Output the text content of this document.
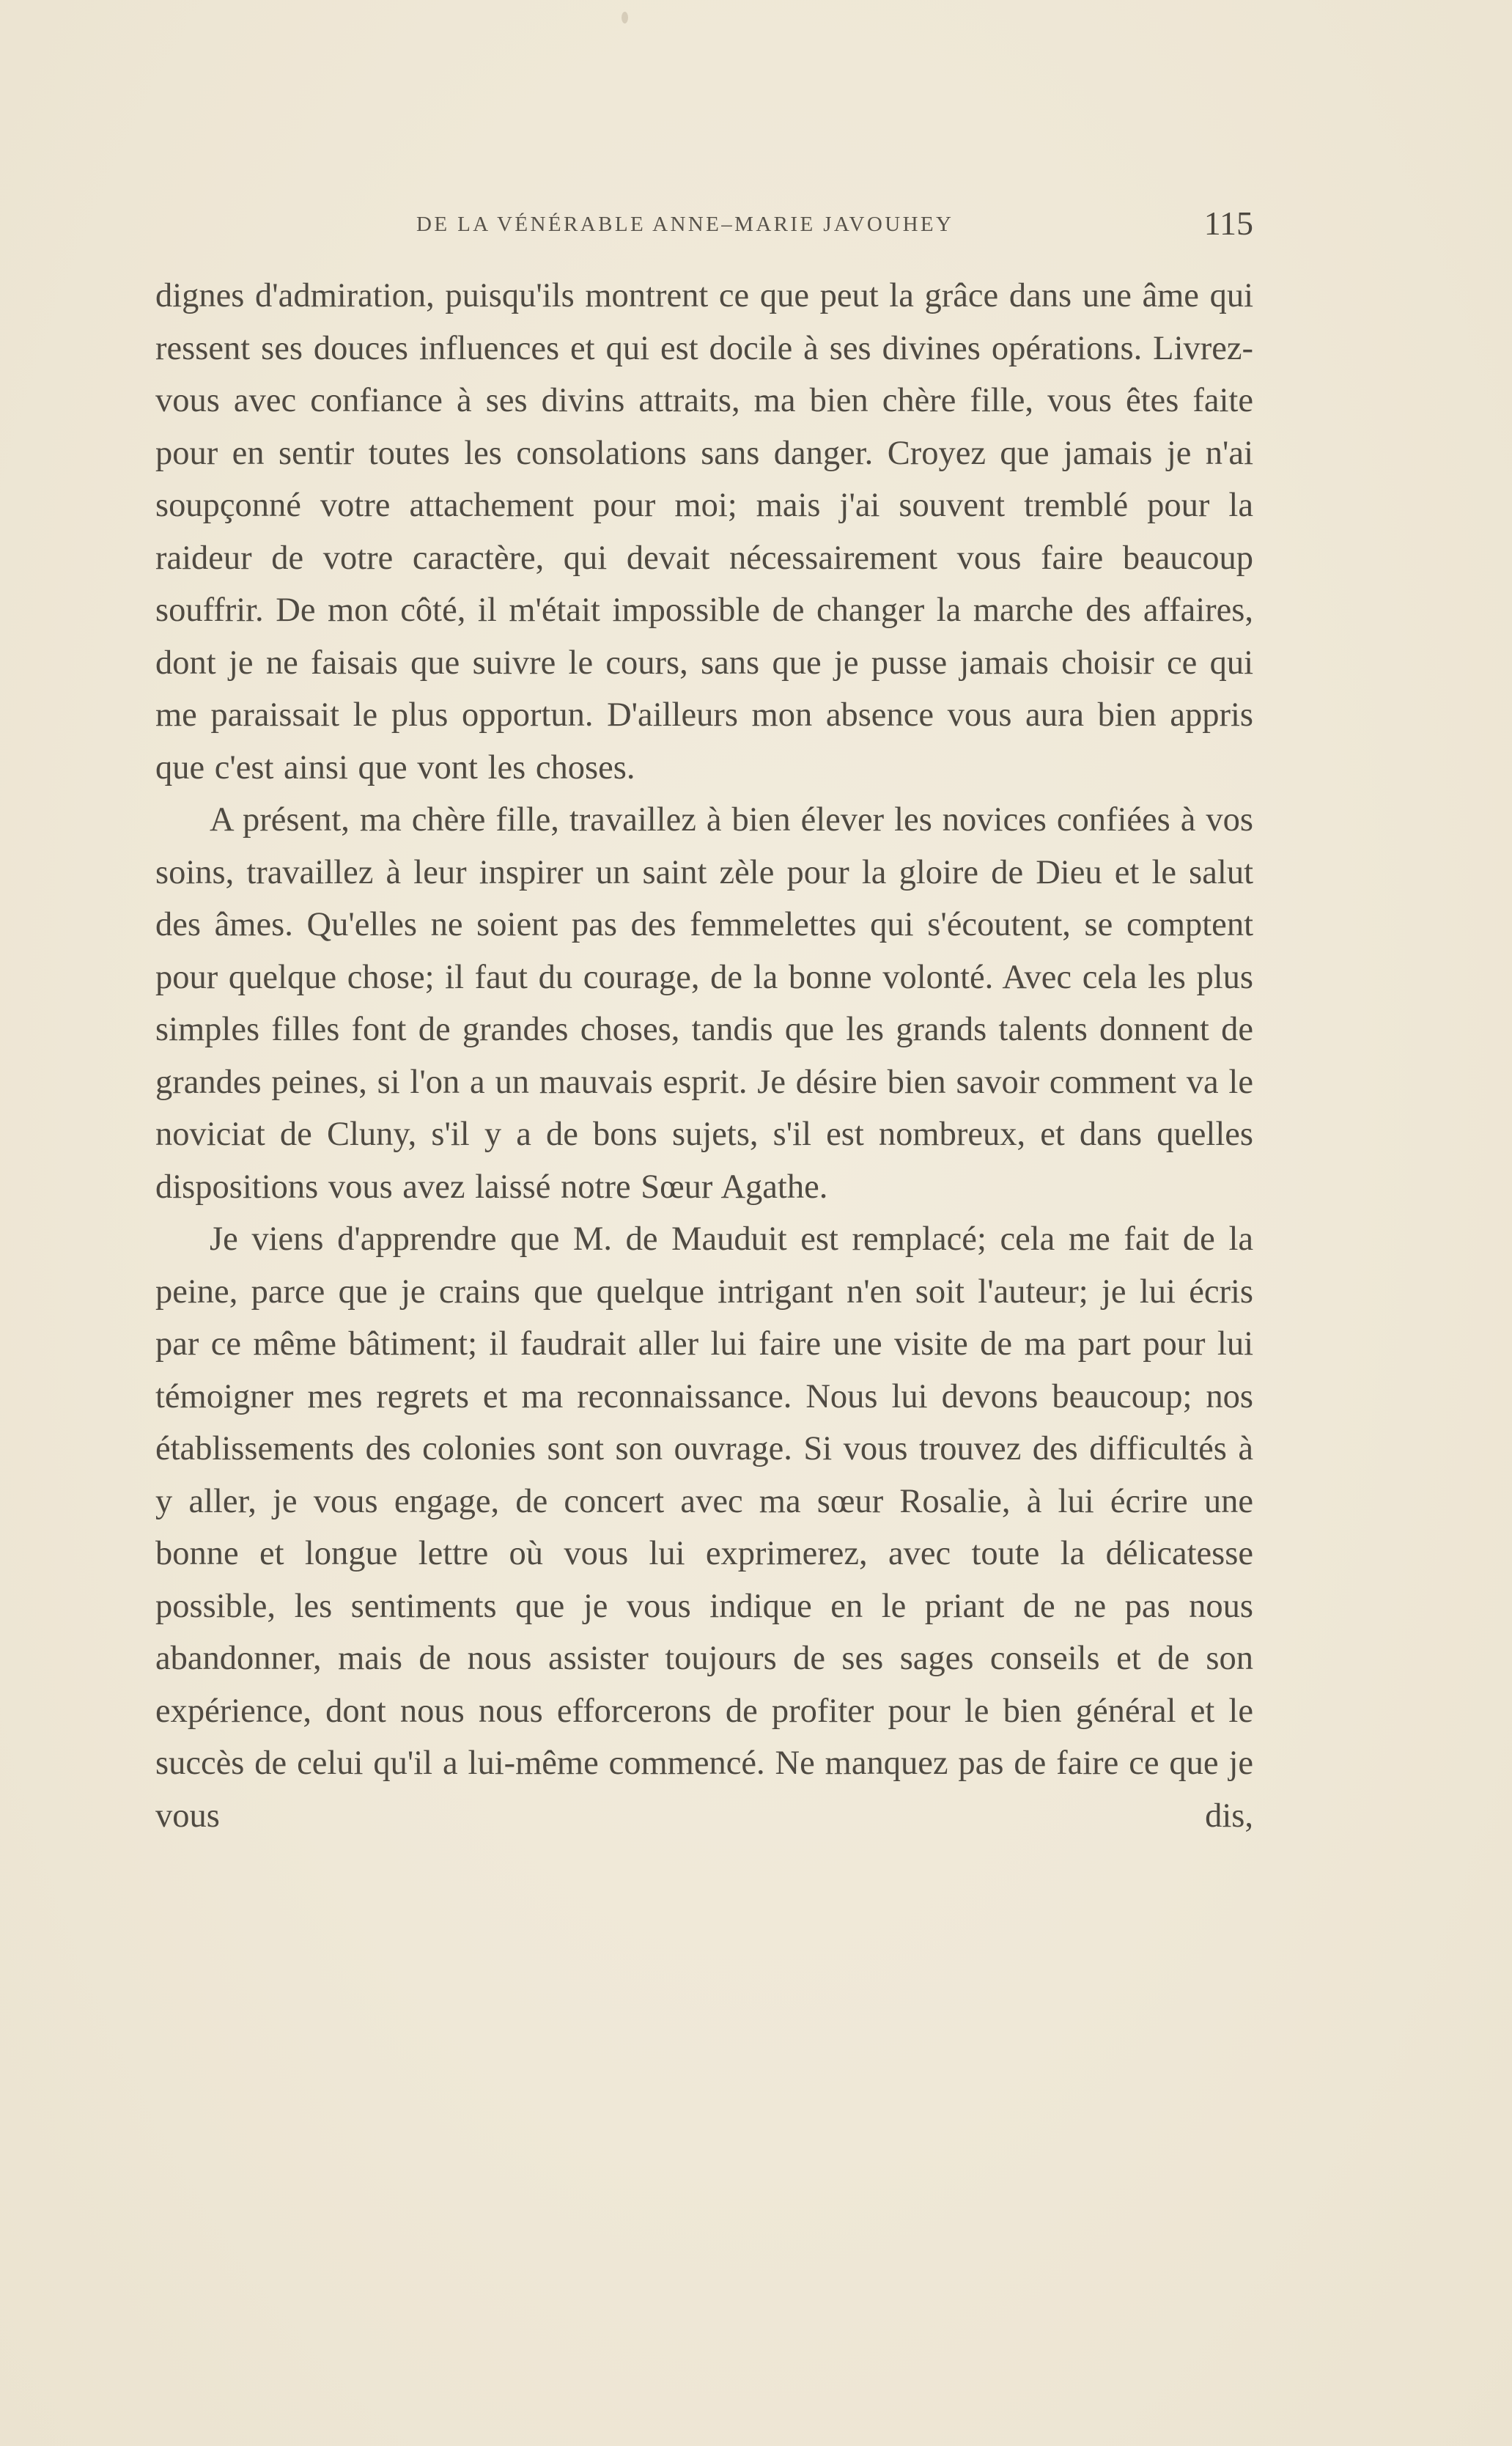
DE LA VÉNÉRABLE ANNE–MARIE JAVOUHEY	115

dignes d'admiration, puisqu'ils montrent ce que peut la grâce dans une âme qui ressent ses douces influences et qui est docile à ses divines opérations. Livrez-vous avec confiance à ses divins attraits, ma bien chère fille, vous êtes faite pour en sentir toutes les consolations sans danger. Croyez que jamais je n'ai soupçonné votre attachement pour moi; mais j'ai souvent tremblé pour la raideur de votre caractère, qui devait nécessairement vous faire beaucoup souffrir. De mon côté, il m'était impossible de changer la marche des affaires, dont je ne faisais que suivre le cours, sans que je pusse jamais choisir ce qui me paraissait le plus opportun. D'ailleurs mon absence vous aura bien appris que c'est ainsi que vont les choses.

A présent, ma chère fille, travaillez à bien élever les novices confiées à vos soins, travaillez à leur inspirer un saint zèle pour la gloire de Dieu et le salut des âmes. Qu'elles ne soient pas des femmelettes qui s'écoutent, se comptent pour quelque chose; il faut du courage, de la bonne volonté. Avec cela les plus simples filles font de grandes choses, tandis que les grands talents donnent de grandes peines, si l'on a un mauvais esprit. Je désire bien savoir comment va le noviciat de Cluny, s'il y a de bons sujets, s'il est nombreux, et dans quelles dispositions vous avez laissé notre Sœur Agathe.

Je viens d'apprendre que M. de Mauduit est remplacé; cela me fait de la peine, parce que je crains que quelque intrigant n'en soit l'auteur; je lui écris par ce même bâtiment; il faudrait aller lui faire une visite de ma part pour lui témoigner mes regrets et ma reconnaissance. Nous lui devons beaucoup; nos établissements des colonies sont son ouvrage. Si vous trouvez des difficultés à y aller, je vous engage, de concert avec ma sœur Rosalie, à lui écrire une bonne et longue lettre où vous lui exprimerez, avec toute la délicatesse possible, les sentiments que je vous indique en le priant de ne pas nous abandonner, mais de nous assister toujours de ses sages conseils et de son expérience, dont nous nous efforcerons de profiter pour le bien général et le succès de celui qu'il a lui-même commencé. Ne manquez pas de faire ce que je vous dis,
